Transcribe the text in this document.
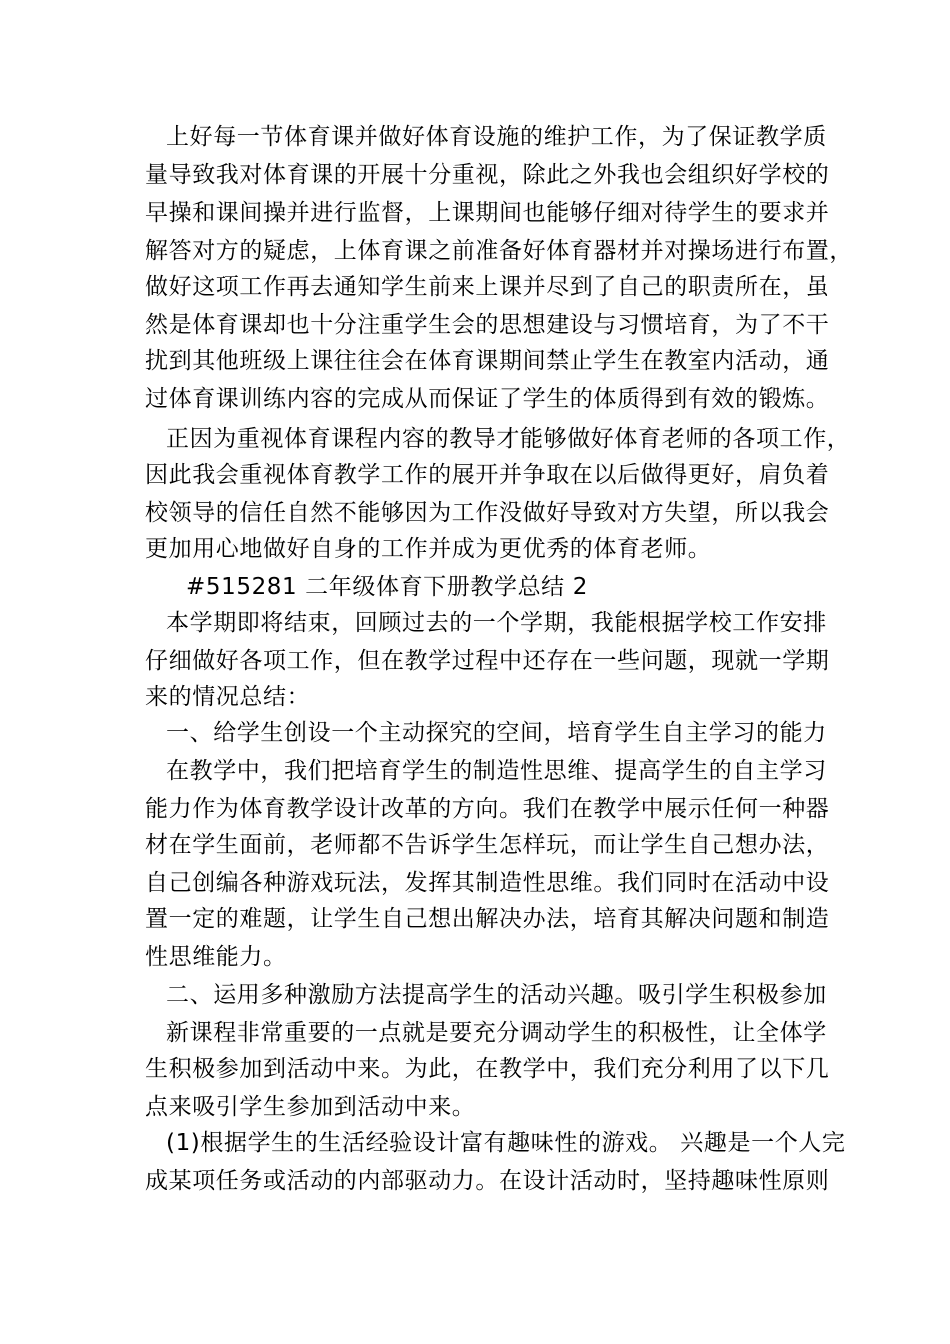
上好每一节体育课并做好体育设施的维护工作，为了保证教学质
量导致我对体育课的开展十分重视，除此之外我也会组织好学校的
早操和课间操并进行监督，上课期间也能够仔细对待学生的要求并
解答对方的疑虑，上体育课之前准备好体育器材并对操场进行布置，
做好这项工作再去通知学生前来上课并尽到了自己的职责所在，虽
然是体育课却也十分注重学生会的思想建设与习惯培育，为了不干
扰到其他班级上课往往会在体育课期间禁止学生在教室内活动，通
过体育课训练内容的完成从而保证了学生的体质得到有效的锻炼。
正因为重视体育课程内容的教导才能够做好体育老师的各项工作，
因此我会重视体育教学工作的展开并争取在以后做得更好，肩负着
校领导的信任自然不能够因为工作没做好导致对方失望，所以我会
更加用心地做好自身的工作并成为更优秀的体育老师。
#515281 二年级体育下册教学总结 2
本学期即将结束，回顾过去的一个学期，我能根据学校工作安排
仔细做好各项工作，但在教学过程中还存在一些问题，现就一学期
来的情况总结：
一、给学生创设一个主动探究的空间，培育学生自主学习的能力
在教学中，我们把培育学生的制造性思维、提高学生的自主学习
能力作为体育教学设计改革的方向。我们在教学中展示任何一种器
材在学生面前，老师都不告诉学生怎样玩，而让学生自己想办法，
自己创编各种游戏玩法，发挥其制造性思维。我们同时在活动中设
置一定的难题，让学生自己想出解决办法，培育其解决问题和制造
性思维能力。
二、运用多种激励方法提高学生的活动兴趣。吸引学生积极参加
新课程非常重要的一点就是要充分调动学生的积极性，让全体学
生积极参加到活动中来。为此，在教学中，我们充分利用了以下几
点来吸引学生参加到活动中来。
(1)根据学生的生活经验设计富有趣味性的游戏。 兴趣是一个人完
成某项任务或活动的内部驱动力。在设计活动时，坚持趣味性原则
